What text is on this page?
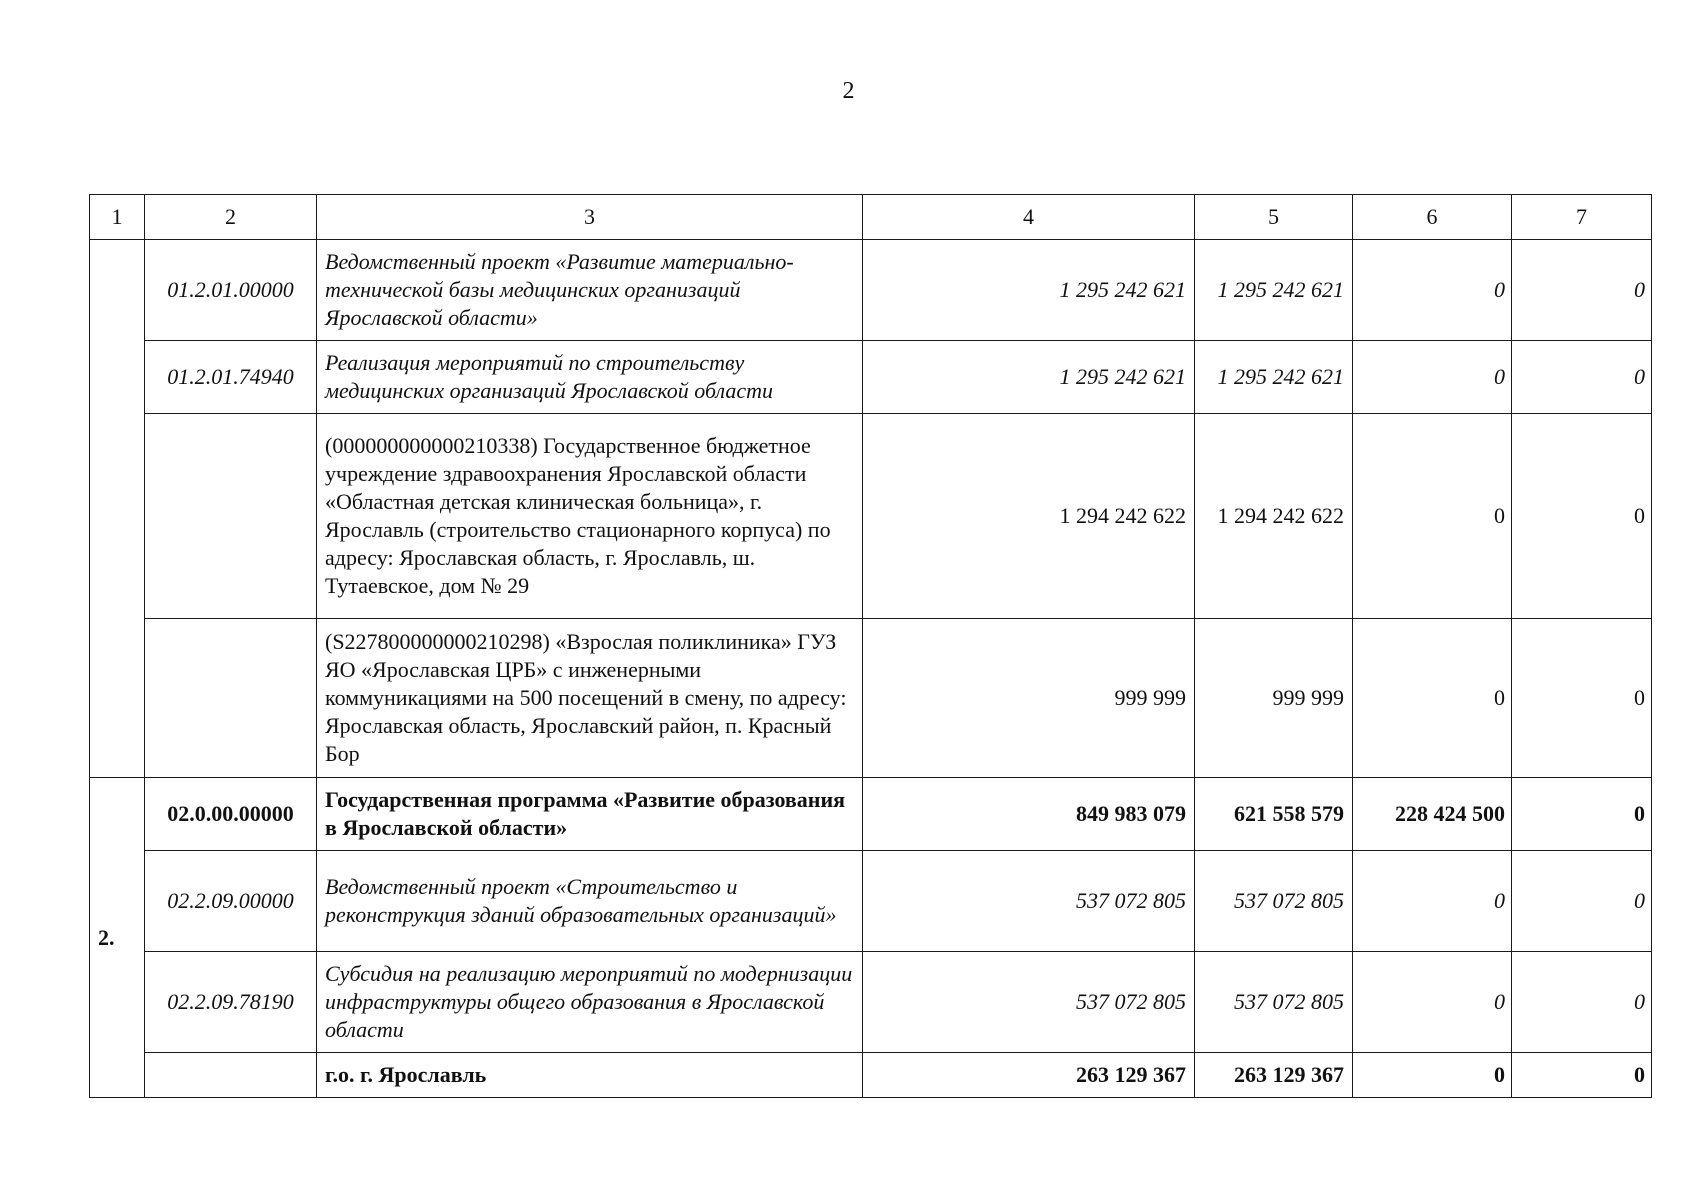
2
1	2	3	4	5	6	7
	01.2.01.00000	Ведомственный проект «Развитие материально-технической базы медицинских организаций Ярославской области»	1 295 242 621	1 295 242 621	0	0
	01.2.01.74940	Реализация мероприятий по строительству медицинских организаций Ярославской области	1 295 242 621	1 295 242 621	0	0
		(000000000000210338) Государственное бюджетное учреждение здравоохранения Ярославской области «Областная детская клиническая больница», г. Ярославль (строительство стационарного корпуса) по адресу: Ярославская область, г. Ярославль, ш. Тутаевское, дом № 29	1 294 242 622	1 294 242 622	0	0
		(S227800000000210298) «Взрослая поликлиника» ГУЗ ЯО «Ярославская ЦРБ» с инженерными коммуникациями на 500 посещений в смену, по адресу: Ярославская область, Ярославский район, п. Красный Бор	999 999	999 999	0	0
2.	02.0.00.00000	Государственная программа «Развитие образования в Ярославской области»	849 983 079	621 558 579	228 424 500	0
	02.2.09.00000	Ведомственный проект «Строительство и реконструкция зданий образовательных организаций»	537 072 805	537 072 805	0	0
	02.2.09.78190	Субсидия на реализацию мероприятий по модернизации инфраструктуры общего образования в Ярославской области	537 072 805	537 072 805	0	0
		г.о. г. Ярославль	263 129 367	263 129 367	0	0
